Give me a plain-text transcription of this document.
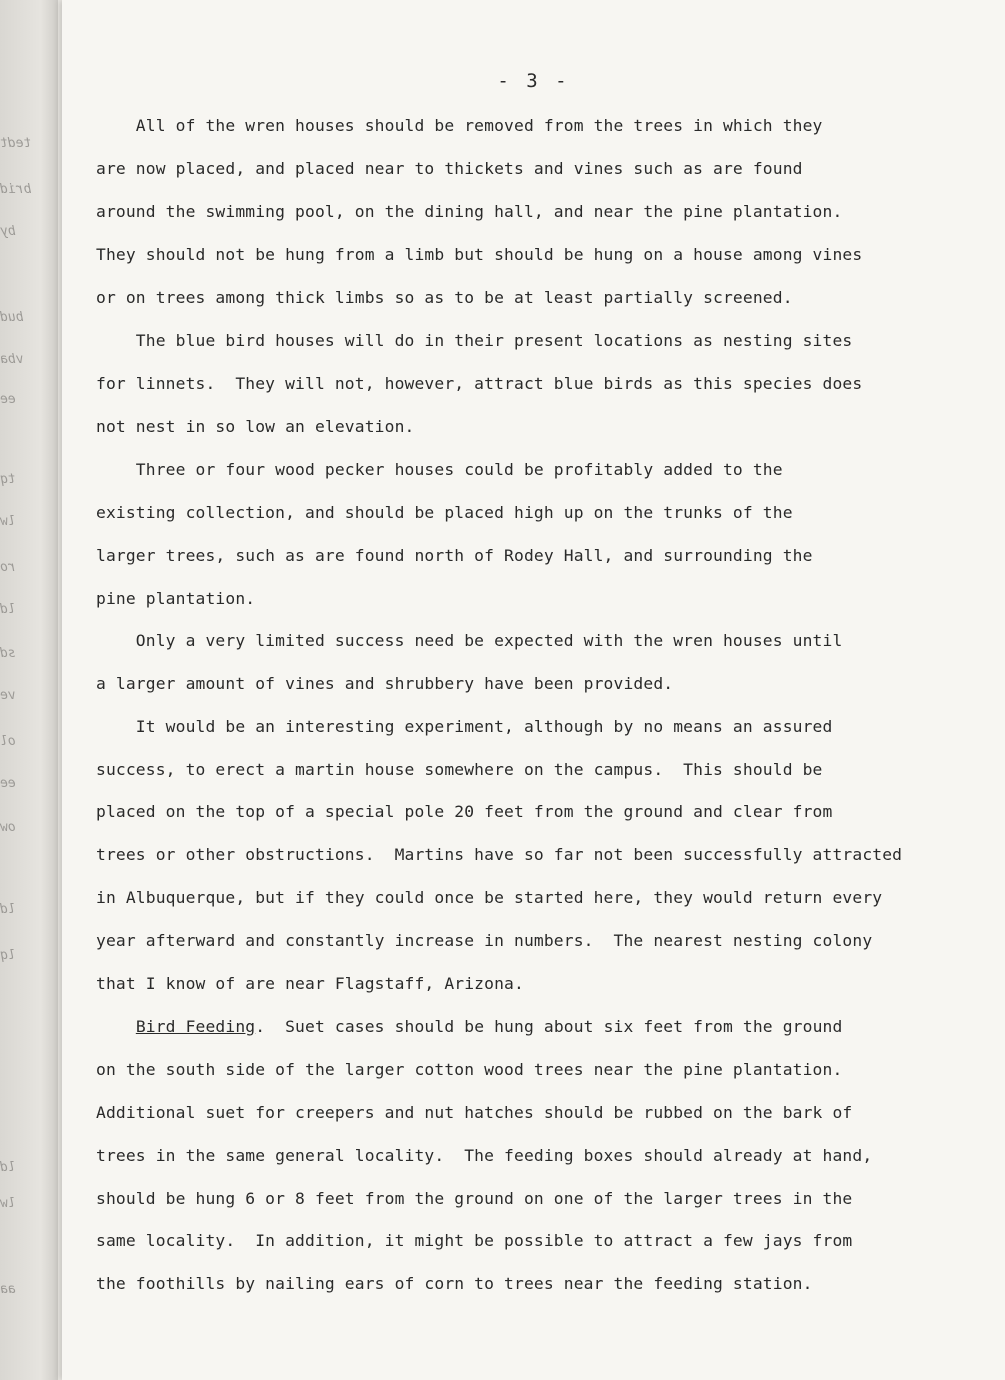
tedt
brid
by
bud
vba
ee
tq
lw
ro
ld
sd
ve
ol
ee
ow
ld
lq
ld
lw
aa
- 3 -
All of the wren houses should be removed from the trees in which they
are now placed, and placed near to thickets and vines such as are found
around the swimming pool, on the dining hall, and near the pine plantation.
They should not be hung from a limb but should be hung on a house among vines
or on trees among thick limbs so as to be at least partially screened.
The blue bird houses will do in their present locations as nesting sites
for linnets.  They will not, however, attract blue birds as this species does
not nest in so low an elevation.
Three or four wood pecker houses could be profitably added to the
existing collection, and should be placed high up on the trunks of the
larger trees, such as are found north of Rodey Hall, and surrounding the
pine plantation.
Only a very limited success need be expected with the wren houses until
a larger amount of vines and shrubbery have been provided.
It would be an interesting experiment, although by no means an assured
success, to erect a martin house somewhere on the campus.  This should be
placed on the top of a special pole 20 feet from the ground and clear from
trees or other obstructions.  Martins have so far not been successfully attracted
in Albuquerque, but if they could once be started here, they would return every
year afterward and constantly increase in numbers.  The nearest nesting colony
that I know of are near Flagstaff, Arizona.
Bird Feeding.  Suet cases should be hung about six feet from the ground
on the south side of the larger cotton wood trees near the pine plantation.
Additional suet for creepers and nut hatches should be rubbed on the bark of
trees in the same general locality.  The feeding boxes should already at hand,
should be hung 6 or 8 feet from the ground on one of the larger trees in the
same locality.  In addition, it might be possible to attract a few jays from
the foothills by nailing ears of corn to trees near the feeding station.
